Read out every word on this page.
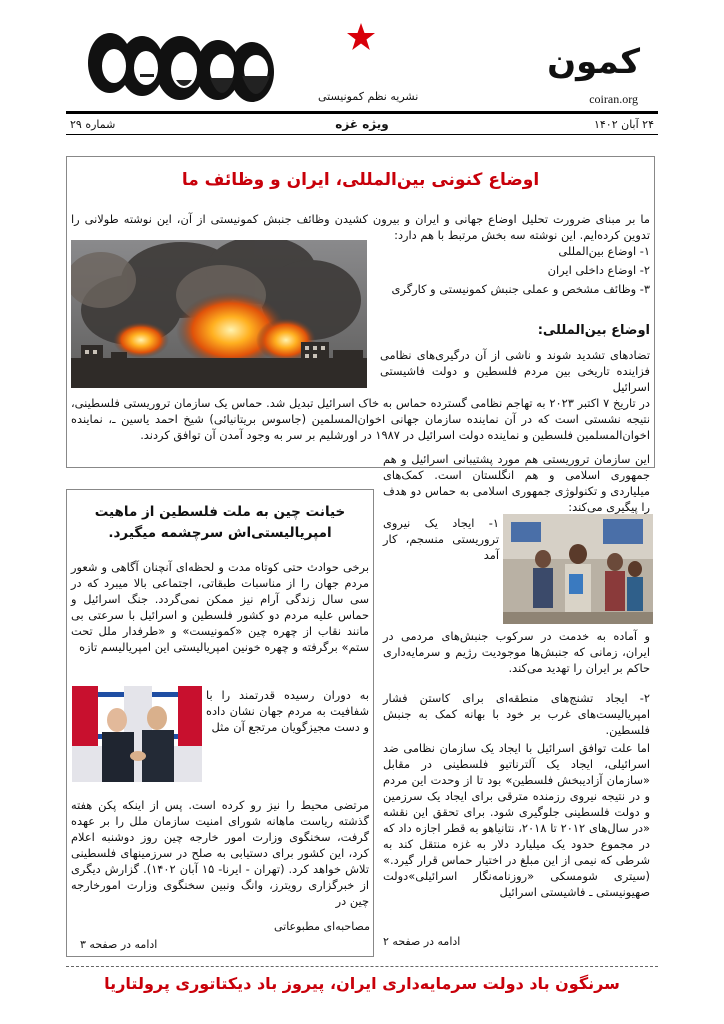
کمون
coiran.org
نشریه نظم کمونیستی
۲۴ آبان ۱۴۰۲
ویژه غزه
شماره ۲۹
اوضاع کنونی بین‌المللی، ایران و وظائف ما
ما بر مبنای ضرورت تحلیل اوضاع جهانی و ایران و بیرون کشیدن وظائف جنبش کمونیستی از آن، این نوشته طولانی را تدوین کرده‌ایم. این نوشته سه بخش مرتبط با هم دارد:
۱- اوضاع بین‌المللی
۲- اوضاع داخلی ایران
۳- وظائف مشخص و عملی جنبش کمونیستی و کارگری
اوضاع بین‌المللی:
تضادهای تشدید شوند و ناشی از آن درگیری‌های نظامی فزاینده تاریخی بین مردم فلسطین و دولت فاشیستی اسرائیل
در تاریخ ۷ اکتبر ۲۰۲۳ به تهاجم نظامی گسترده حماس به خاک اسرائیل تبدیل شد. حماس یک سازمان تروریستی فلسطینی، نتیجه نشستی است که در آن نماینده سازمان جهانی اخوان‌المسلمین (جاسوس بریتانیائی) شیخ احمد یاسین ـ، نماینده اخوان‌المسلمین فلسطین و نماینده دولت اسرائیل در ۱۹۸۷ در اورشلیم بر سر به وجود آمدن آن توافق کردند.
این سازمان تروریستی هم مورد پشتیبانی اسرائیل و هم جمهوری اسلامی و هم انگلستان است. کمک‌های میلیاردی و تکنولوژی جمهوری اسلامی به حماس دو هدف را پیگیری می‌کند:
۱- ایجاد یک نیروی تروریستی منسجم، کار آمد
و آماده به خدمت در سرکوب جنبش‌های مردمی در ایران، زمانی که جنبش‌ها موجودیت رژیم و سرمایه‌داری حاکم بر ایران را تهدید می‌کند.
۲- ایجاد تشنج‌های منطقه‌ای برای کاستن فشار امپریالیست‌های غرب بر خود با بهانه کمک به جنبش فلسطین.
اما علت توافق اسرائیل با ایجاد یک سازمان نظامی ضد اسرائیلی، ایجاد یک آلترناتیو فلسطینی در مقابل «سازمان آزادیبخش فلسطین» بود تا از وحدت این مردم و در نتیجه نیروی رزمنده مترقی برای ایجاد یک سرزمین و دولت فلسطینی جلوگیری شود. برای تحقق این نقشه «در سال‌های ۲۰۱۲ تا ۲۰۱۸، نتانیاهو به قطر اجازه داد که در مجموع حدود یک میلیارد دلار به غزه منتقل کند به شرطی که نیمی از این مبلغ در اختیار حماس قرار گیرد.» (سیتری شومسکی «روزنامه‌نگار اسرائیلی»دولت صهیونیستی ـ فاشیستی اسرائیل
ادامه در صفحه ۲
خیانت چین به ملت فلسطین از ماهیت امپریالیستی‌اش سرچشمه میگیرد.
برخی حوادث حتی کوتاه مدت و لحظه‌ای آنچنان آگاهی و شعور مردم جهان را از مناسبات طبقاتی، اجتماعی بالا میبرد که در سی سال زندگی آرام نیز ممکن نمی‌گردد. جنگ اسرائیل و حماس علیه مردم دو کشور فلسطین و اسرائیل با سرعتی بی مانند نقاب از چهره چین «کمونیست» و «طرفدار ملل تحت ستم» برگرفته و چهره خونین امپریالیستی این امپریالیسم تازه
به دوران رسیده قدرتمند را با شفافیت به مردم جهان نشان داده و دست مجیزگویان مرتجع آن مثل
مرتضی محیط را نیز رو کرده است. پس از اینکه پکن هفته گذشته ریاست ماهانه شورای امنیت سازمان ملل را بر عهده گرفت، سخنگوی وزارت امور خارجه چین روز دوشنبه اعلام کرد، این کشور برای دستیابی به صلح در سرزمینهای فلسطینی تلاش خواهد کرد. (تهران - ایرنا- ۱۵ آبان ۱۴۰۲). گزارش دیگری از خبرگزاری رویترز، وانگ ونبین سخنگوی وزارت امورخارجه چین در
مصاحبه‌ای مطبوعاتی
ادامه در صفحه ۳
سرنگون باد دولت سرمایه‌داری ایران، پیروز باد دیکتاتوری پرولتاریا
